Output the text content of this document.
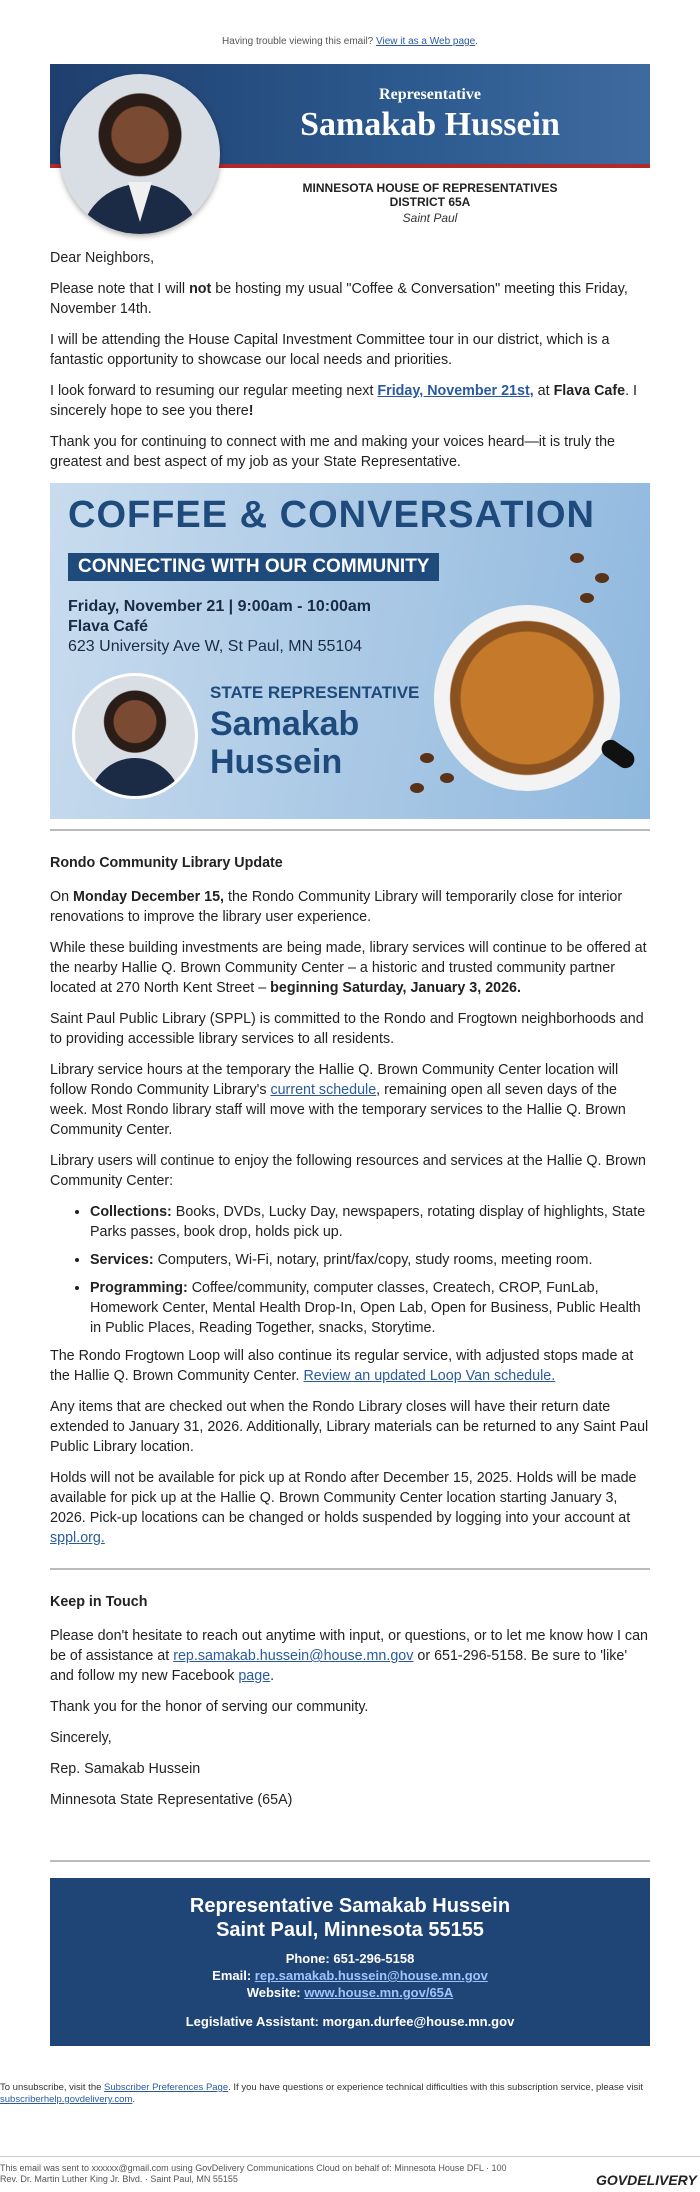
Having trouble viewing this email? View it as a Web page.
Representative
Samakab Hussein
MINNESOTA HOUSE OF REPRESENTATIVES
DISTRICT 65A
Saint Paul

Dear Neighbors,

Please note that I will not be hosting my usual "Coffee & Conversation" meeting this Friday, November 14th.

I will be attending the House Capital Investment Committee tour in our district, which is a fantastic opportunity to showcase our local needs and priorities.

I look forward to resuming our regular meeting next Friday, November 21st, at Flava Cafe. I sincerely hope to see you there!

Thank you for continuing to connect with me and making your voices heard—it is truly the greatest and best aspect of my job as your State Representative.

COFFEE & CONVERSATION
CONNECTING WITH OUR COMMUNITY
Friday, November 21 | 9:00am - 10:00am
Flava Café
623 University Ave W, St Paul, MN 55104
STATE REPRESENTATIVE
Samakab
Hussein
Rondo Community Library Update

On Monday December 15, the Rondo Community Library will temporarily close for interior renovations to improve the library user experience.

While these building investments are being made, library services will continue to be offered at the nearby Hallie Q. Brown Community Center – a historic and trusted community partner located at 270 North Kent Street – beginning Saturday, January 3, 2026.

Saint Paul Public Library (SPPL) is committed to the Rondo and Frogtown neighborhoods and to providing accessible library services to all residents.

Library service hours at the temporary the Hallie Q. Brown Community Center location will follow Rondo Community Library's current schedule, remaining open all seven days of the week. Most Rondo library staff will move with the temporary services to the Hallie Q. Brown Community Center.

Library users will continue to enjoy the following resources and services at the Hallie Q. Brown Community Center:

• Collections: Books, DVDs, Lucky Day, newspapers, rotating display of highlights, State Parks passes, book drop, holds pick up.
• Services: Computers, Wi-Fi, notary, print/fax/copy, study rooms, meeting room.
• Programming: Coffee/community, computer classes, Createch, CROP, FunLab, Homework Center, Mental Health Drop-In, Open Lab, Open for Business, Public Health in Public Places, Reading Together, snacks, Storytime.

The Rondo Frogtown Loop will also continue its regular service, with adjusted stops made at the Hallie Q. Brown Community Center. Review an updated Loop Van schedule.

Any items that are checked out when the Rondo Library closes will have their return date extended to January 31, 2026. Additionally, Library materials can be returned to any Saint Paul Public Library location.

Holds will not be available for pick up at Rondo after December 15, 2025. Holds will be made available for pick up at the Hallie Q. Brown Community Center location starting January 3, 2026. Pick-up locations can be changed or holds suspended by logging into your account at sppl.org.

Keep in Touch

Please don't hesitate to reach out anytime with input, or questions, or to let me know how I can be of assistance at rep.samakab.hussein@house.mn.gov or 651-296-5158. Be sure to 'like' and follow my new Facebook page.

Thank you for the honor of serving our community.

Sincerely,

Rep. Samakab Hussein

Minnesota State Representative (65A)

Representative Samakab Hussein
Saint Paul, Minnesota 55155
Phone: 651-296-5158
Email: rep.samakab.hussein@house.mn.gov
Website: www.house.mn.gov/65A
Legislative Assistant: morgan.durfee@house.mn.gov
To unsubscribe, visit the Subscriber Preferences Page. If you have questions or experience technical difficulties with this subscription service, please visit subscriberhelp.govdelivery.com.
This email was sent to xxxxxx@gmail.com using GovDelivery Communications Cloud on behalf of: Minnesota House DFL · 100
Rev. Dr. Martin Luther King Jr. Blvd. · Saint Paul, MN 55155	GOVDELIVERY
